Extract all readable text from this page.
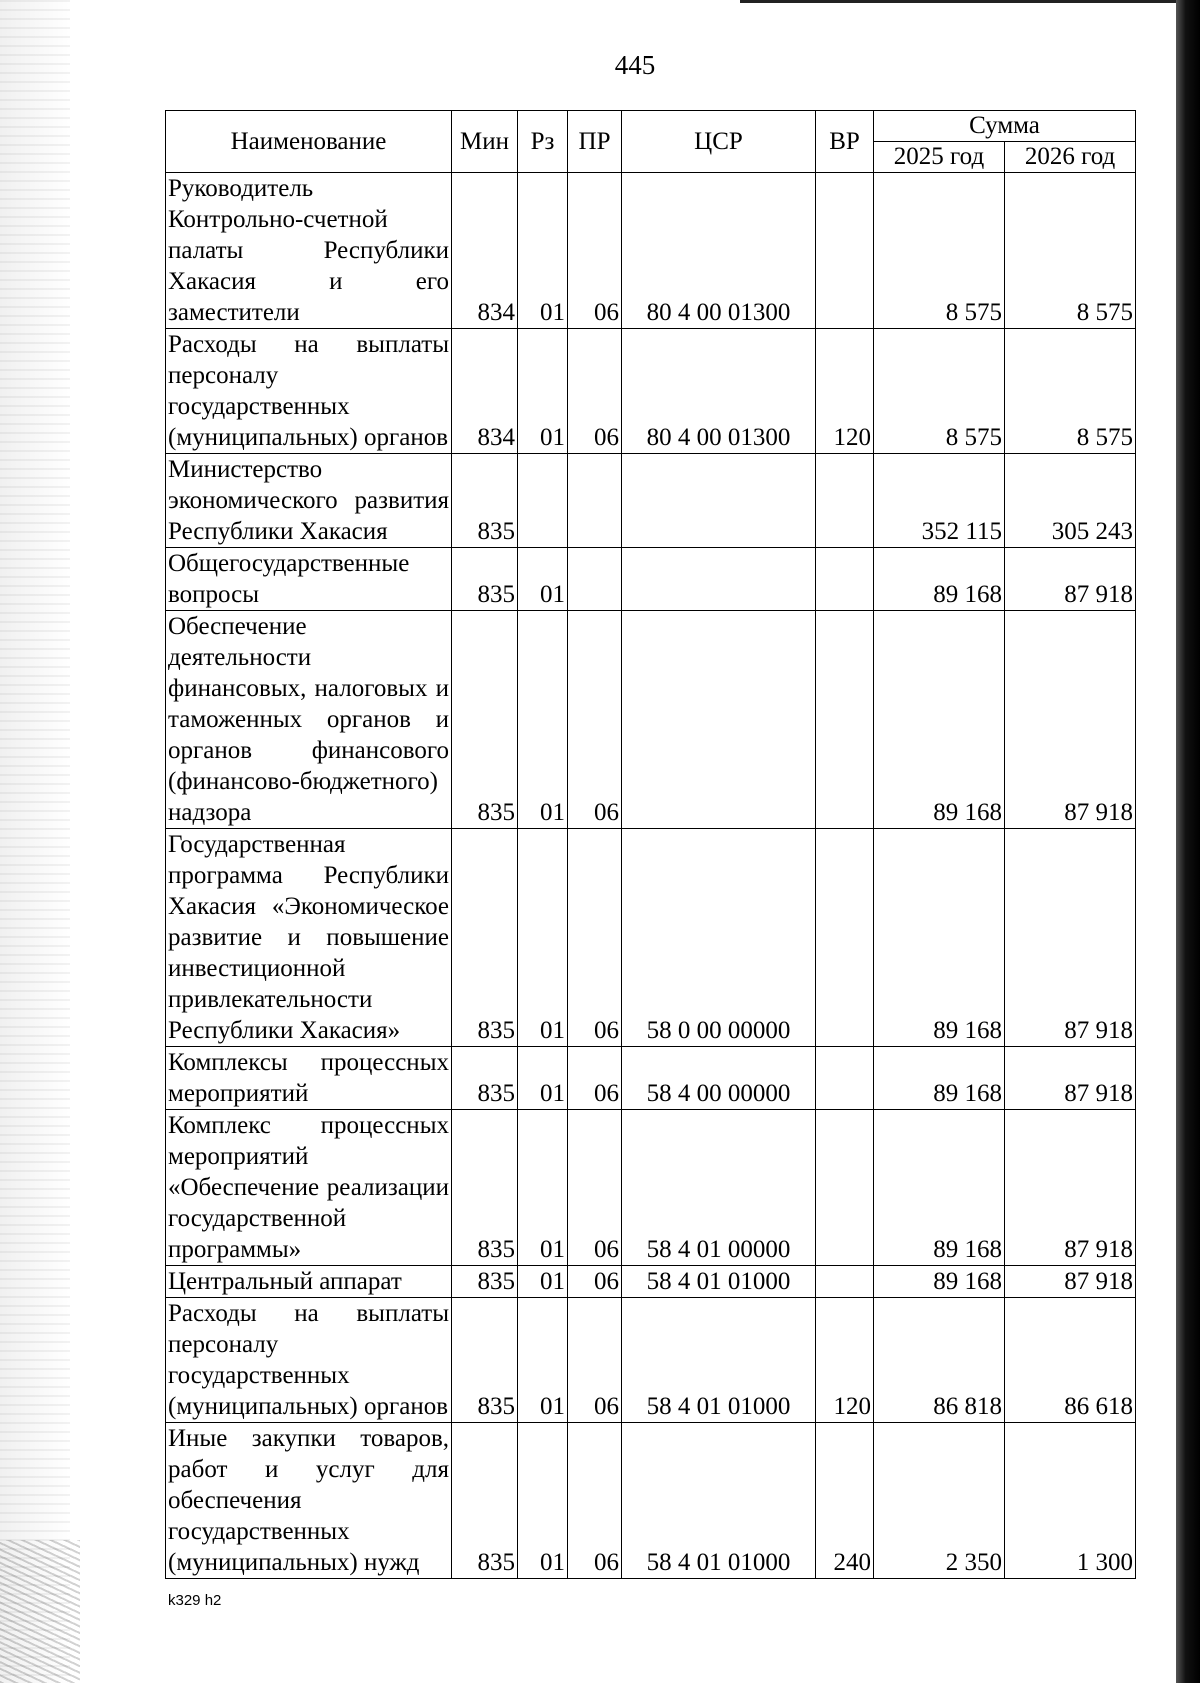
445
Наименование	Мин	Рз	ПР	ЦСР	ВР	Сумма	
						2025 год	2026 год
Руководитель Контрольно-счетной палаты Республики Хакасия и его заместители	834	01	06	80 4 00 01300		8 575	8 575
Расходы на выплаты персоналу государственных (муниципальных) органов	834	01	06	80 4 00 01300	120	8 575	8 575
Министерство экономического развития Республики Хакасия	835					352 115	305 243
Общегосударственные вопросы	835	01				89 168	87 918
Обеспечение деятельности финансовых, налоговых и таможенных органов и органов финансового (финансово-бюджетного) надзора	835	01	06			89 168	87 918
Государственная программа Республики Хакасия «Экономическое развитие и повышение инвестиционной привлекательности Республики Хакасия»	835	01	06	58 0 00 00000		89 168	87 918
Комплексы процессных мероприятий	835	01	06	58 4 00 00000		89 168	87 918
Комплекс процессных мероприятий «Обеспечение реализации государственной программы»	835	01	06	58 4 01 00000		89 168	87 918
Центральный аппарат	835	01	06	58 4 01 01000		89 168	87 918
Расходы на выплаты персоналу государственных (муниципальных) органов	835	01	06	58 4 01 01000	120	86 818	86 618
Иные закупки товаров, работ и услуг для обеспечения государственных (муниципальных) нужд	835	01	06	58 4 01 01000	240	2 350	1 300
k329 h2
